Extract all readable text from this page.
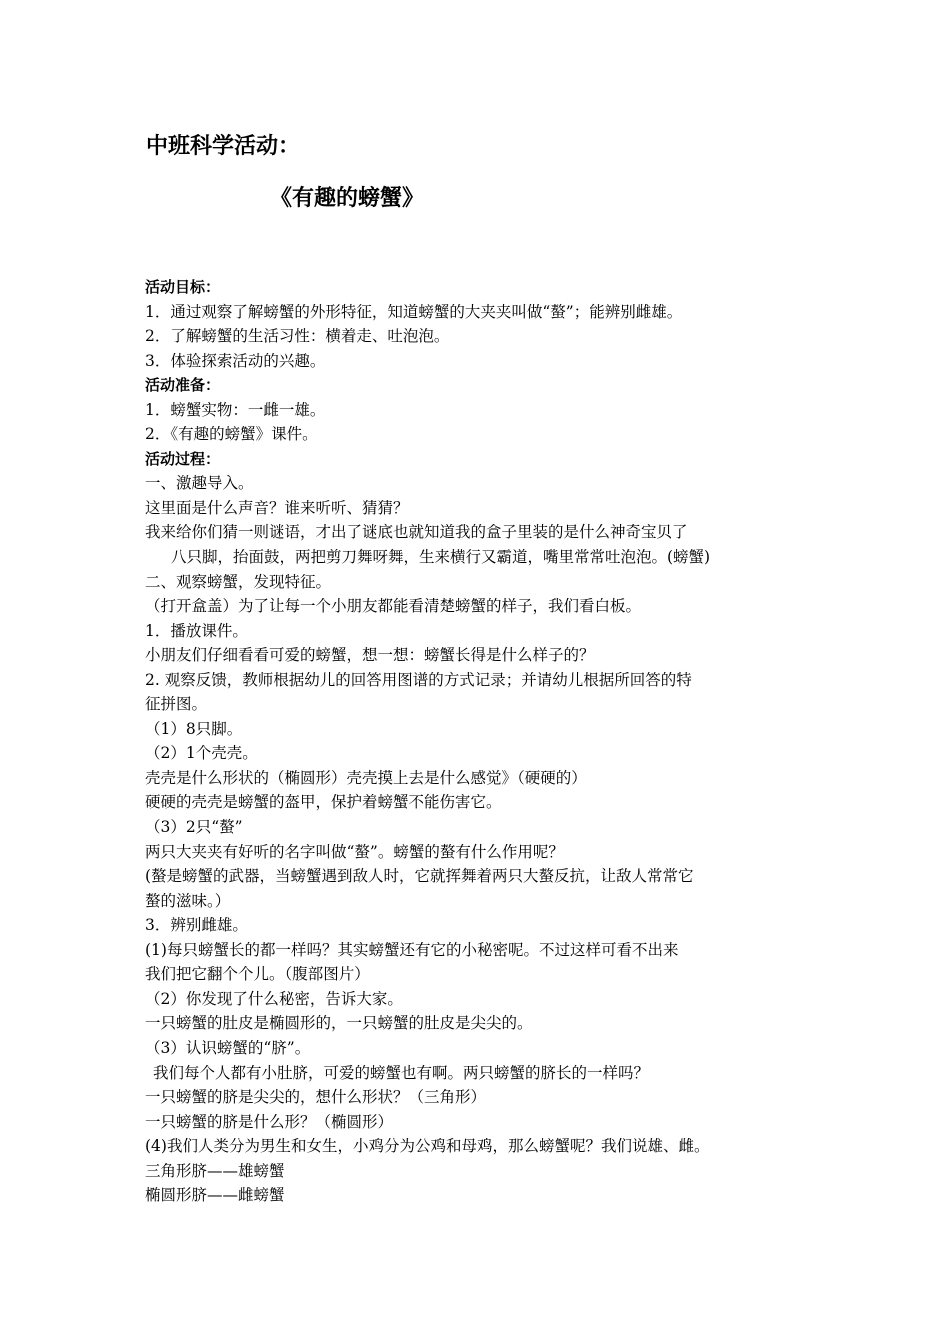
中班科学活动：
《有趣的螃蟹》
活动目标：
1．通过观察了解螃蟹的外形特征，知道螃蟹的大夹夹叫做“螯”；能辨别雌雄。
2．了解螃蟹的生活习性：横着走、吐泡泡。
3．体验探索活动的兴趣。
活动准备：
1．螃蟹实物：一雌一雄。
2．《有趣的螃蟹》课件。
活动过程：
一、激趣导入。
这里面是什么声音？谁来听听、猜猜？
我来给你们猜一则谜语，才出了谜底也就知道我的盒子里装的是什么神奇宝贝了
八只脚，抬面鼓，两把剪刀舞呀舞，生来横行又霸道，嘴里常常吐泡泡。(螃蟹)
二、观察螃蟹，发现特征。
（打开盒盖）为了让每一个小朋友都能看清楚螃蟹的样子，我们看白板。
1．播放课件。
小朋友们仔细看看可爱的螃蟹，想一想：螃蟹长得是什么样子的？
2. 观察反馈，教师根据幼儿的回答用图谱的方式记录；并请幼儿根据所回答的特
征拼图。
（1）8只脚。
（2）1个壳壳。
壳壳是什么形状的（椭圆形）壳壳摸上去是什么感觉》（硬硬的）
硬硬的壳壳是螃蟹的盔甲，保护着螃蟹不能伤害它。
（3）2只“螯”
两只大夹夹有好听的名字叫做“螯”。螃蟹的螯有什么作用呢？
(螯是螃蟹的武器，当螃蟹遇到敌人时，它就挥舞着两只大螯反抗，让敌人常常它
螯的滋味。）
3．辨别雌雄。
(1)每只螃蟹长的都一样吗？其实螃蟹还有它的小秘密呢。不过这样可看不出来
我们把它翻个个儿。（腹部图片）
（2）你发现了什么秘密，告诉大家。
一只螃蟹的肚皮是椭圆形的，一只螃蟹的肚皮是尖尖的。
（3）认识螃蟹的“脐”。
我们每个人都有小肚脐，可爱的螃蟹也有啊。两只螃蟹的脐长的一样吗？
一只螃蟹的脐是尖尖的，想什么形状？（三角形）
一只螃蟹的脐是什么形？（椭圆形）
(4)我们人类分为男生和女生，小鸡分为公鸡和母鸡，那么螃蟹呢？我们说雄、雌。
三角形脐——雄螃蟹
椭圆形脐——雌螃蟹
